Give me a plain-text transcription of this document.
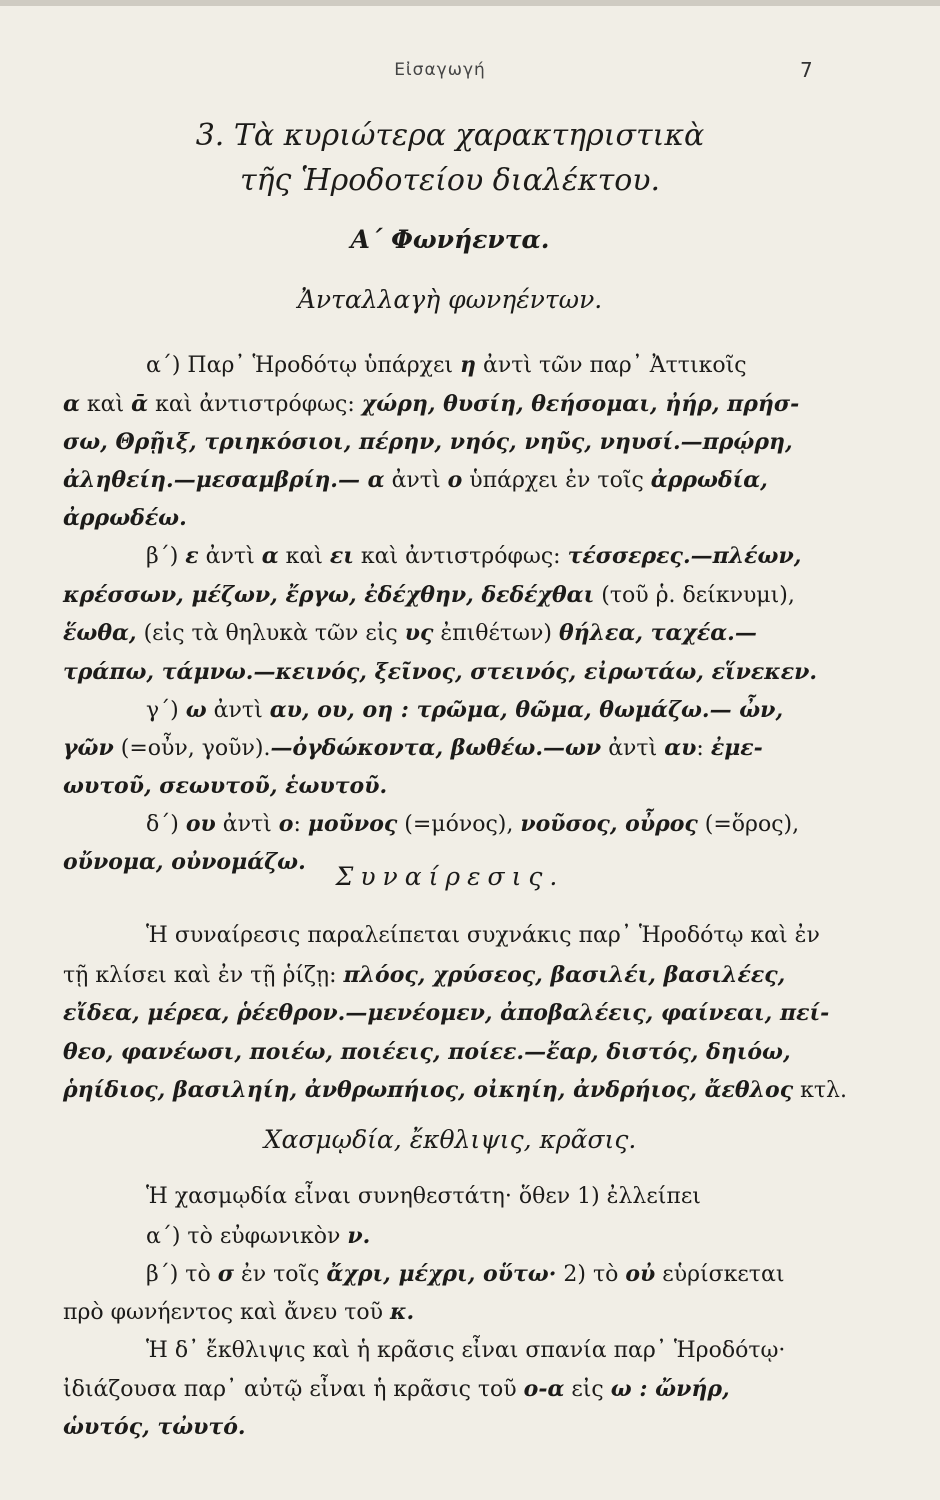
Εἰσαγωγή	7
3. Τὰ κυριώτερα χαρακτηριστικὰ
τῆς Ἡροδοτείου διαλέκτου.
Α΄ Φωνήεντα.
Ἀνταλλαγὴ φωνηέντων.
α΄) Παρ᾽ Ἡροδότῳ ὑπάρχει η ἀντὶ τῶν παρ᾽ Ἀττικοῖς
α καὶ ᾱ καὶ ἀντιστρόφως: χώρη, θυσίη, θεήσομαι, ἠήρ, πρήσ-
σω, Θρῇιξ, τριηκόσιοι, πέρην, νηός, νηῦς, νηυσί.—πρῴρη,
ἀληθείη.—μεσαμβρίη.— α ἀντὶ ο ὑπάρχει ἐν τοῖς ἀρρωδία,
ἀρρωδέω.
β΄) ε ἀντὶ α καὶ ει καὶ ἀντιστρόφως: τέσσερες.—πλέων,
κρέσσων, μέζων, ἔργω, ἐδέχθην, δεδέχθαι (τοῦ ῥ. δείκνυμι),
ἕωθα, (εἰς τὰ θηλυκὰ τῶν εἰς υς ἐπιθέτων) θήλεα, ταχέα.—
τράπω, τάμνω.—κεινός, ξεῖνος, στεινός, εἰρωτάω, εἵνεκεν.
γ΄) ω ἀντὶ αυ, ου, οη : τρῶμα, θῶμα, θωμάζω.— ὦν,
γῶν (=οὖν, γοῦν).—ὀγδώκοντα, βωθέω.—ων ἀντὶ αυ: ἐμε-
ωυτοῦ, σεωυτοῦ, ἑωυτοῦ.
δ΄) ου ἀντὶ ο: μοῦνος (=μόνος), νοῦσος, οὖρος (=ὅρος),
Συναίρεσις.
Ἡ συναίρεσις παραλείπεται συχνάκις παρ᾽ Ἡροδότῳ καὶ ἐν
τῇ κλίσει καὶ ἐν τῇ ῥίζῃ: πλόος, χρύσεος, βασιλέι, βασιλέες,
εἴδεα, μέρεα, ῥέεθρον.—μενέομεν, ἀποβαλέεις, φαίνεαι, πεί-
θεο, φανέωσι, ποιέω, ποιέεις, ποίεε.—ἔαρ, διστός, δηιόω,
ῥηίδιος, βασιληίη, ἀνθρωπήιος, οἰκηίη, ἀνδρήιος, ἄεθλος κτλ.
Χασμῳδία, ἔκθλιψις, κρᾶσις.
Ἡ χασμῳδία εἶναι συνηθεστάτη· ὅθεν 1) ἐλλείπει
α΄) τὸ εὐφωνικὸν ν.
β΄) τὸ σ ἐν τοῖς ἄχρι, μέχρι, οὕτω· 2) τὸ οὐ εὑρίσκεται
πρὸ φωνήεντος καὶ ἄνευ τοῦ κ.
Ἡ δ᾽ ἔκθλιψις καὶ ἡ κρᾶσις εἶναι σπανία παρ᾽ Ἡροδότῳ·
ἰδιάζουσα παρ᾽ αὐτῷ εἶναι ἡ κρᾶσις τοῦ ο-α εἰς ω : ὤνήρ,
ὡυτός, τὠυτό.
οὔνομα, οὐνομάζω.
